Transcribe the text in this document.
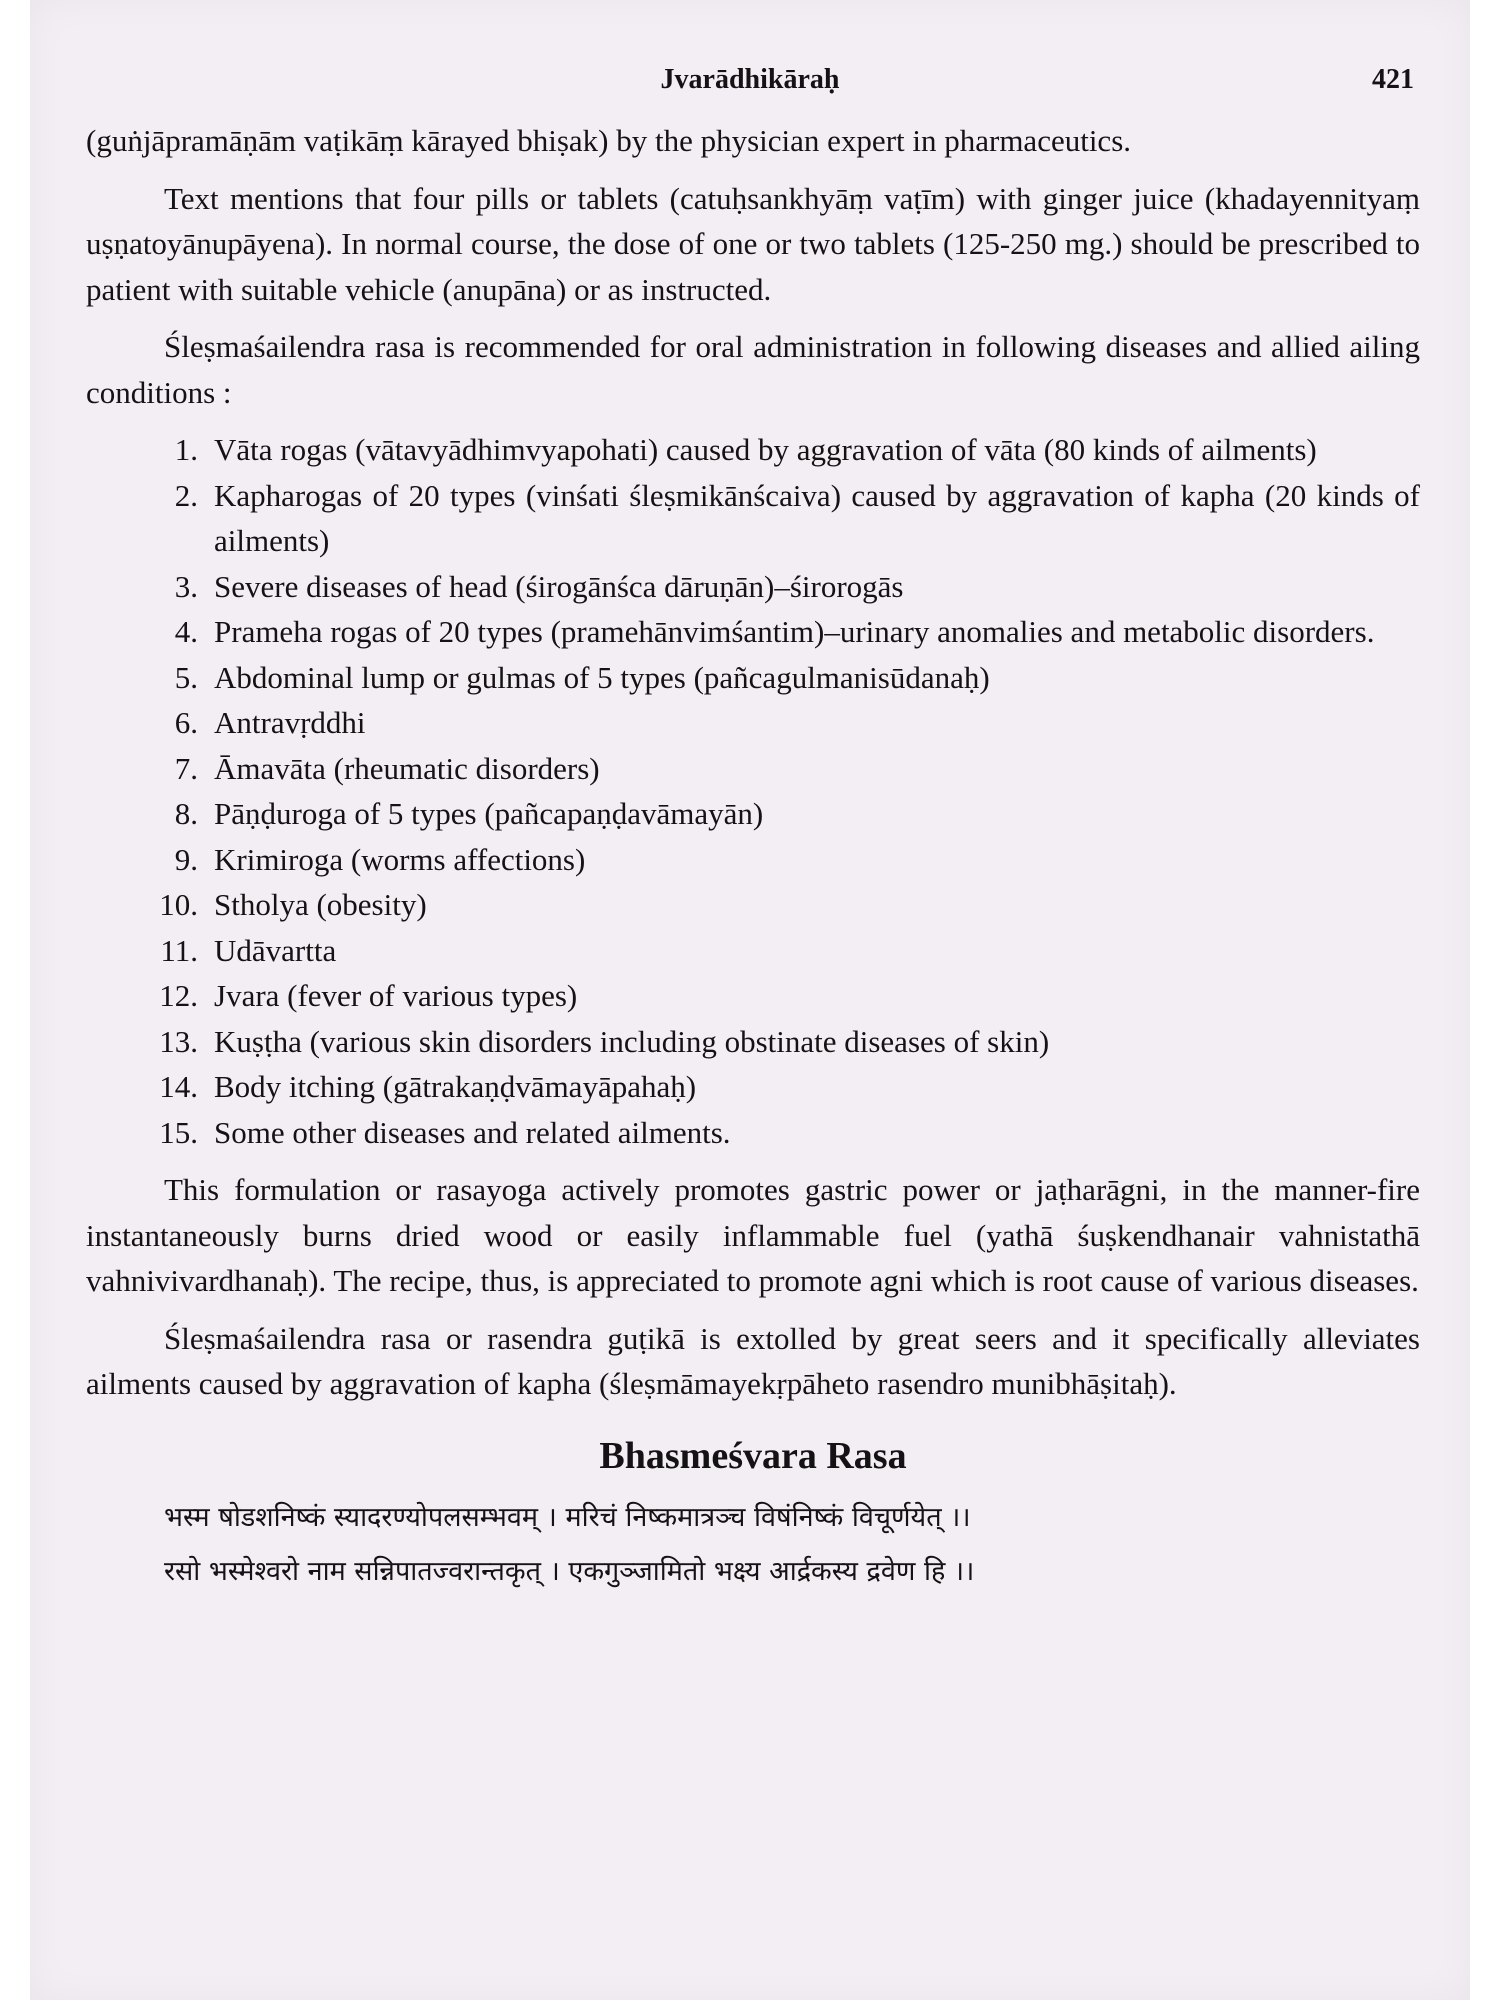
Jvarādhikāraḥ	421

(guṅjāpramāṇām vaṭikāṃ kārayed bhiṣak) by the physician expert in pharmaceutics.

Text mentions that four pills or tablets (catuḥsankhyāṃ vaṭīm) with ginger juice (khadayennityaṃ uṣṇatoyānupāyena). In normal course, the dose of one or two tablets (125-250 mg.) should be prescribed to patient with suitable vehicle (anupāna) or as instructed.

Śleṣmaśailendra rasa is recommended for oral administration in following diseases and allied ailing conditions :

1. Vāta rogas (vātavyādhimvyapohati) caused by aggravation of vāta (80 kinds of ailments)
2. Kapharogas of 20 types (vinśati śleṣmikānścaiva) caused by aggravation of kapha (20 kinds of ailments)
3. Severe diseases of head (śirogānśca dāruṇān)–śirorogās
4. Prameha rogas of 20 types (pramehānvimśantim)–urinary anomalies and metabolic disorders.
5. Abdominal lump or gulmas of 5 types (pañcagulmanisūdanaḥ)
6. Antravṛddhi
7. Āmavāta (rheumatic disorders)
8. Pāṇḍuroga of 5 types (pañcapaṇḍavāmayān)
9. Krimiroga (worms affections)
10. Stholya (obesity)
11. Udāvartta
12. Jvara (fever of various types)
13. Kuṣṭha (various skin disorders including obstinate diseases of skin)
14. Body itching (gātrakaṇḍvāmayāpahaḥ)
15. Some other diseases and related ailments.

This formulation or rasayoga actively promotes gastric power or jaṭharāgni, in the manner-fire instantaneously burns dried wood or easily inflammable fuel (yathā śuṣkendhanair vahnistathā vahnivivardhanaḥ). The recipe, thus, is appreciated to promote agni which is root cause of various diseases.

Śleṣmaśailendra rasa or rasendra guṭikā is extolled by great seers and it specifically alleviates ailments caused by aggravation of kapha (śleṣmāmayekṛpāheto rasendro munibhāṣitaḥ).

Bhasmeśvara Rasa
भस्म षोडशनिष्कं स्यादरण्योपलसम्भवम् । मरिचं निष्कमात्रञ्च विषंनिष्कं विचूर्णयेत् ।।
रसो भस्मेश्वरो नाम सन्निपातज्वरान्तकृत् । एकगुञ्जामितो भक्ष्य आर्द्रकस्य द्रवेण हि ।।
